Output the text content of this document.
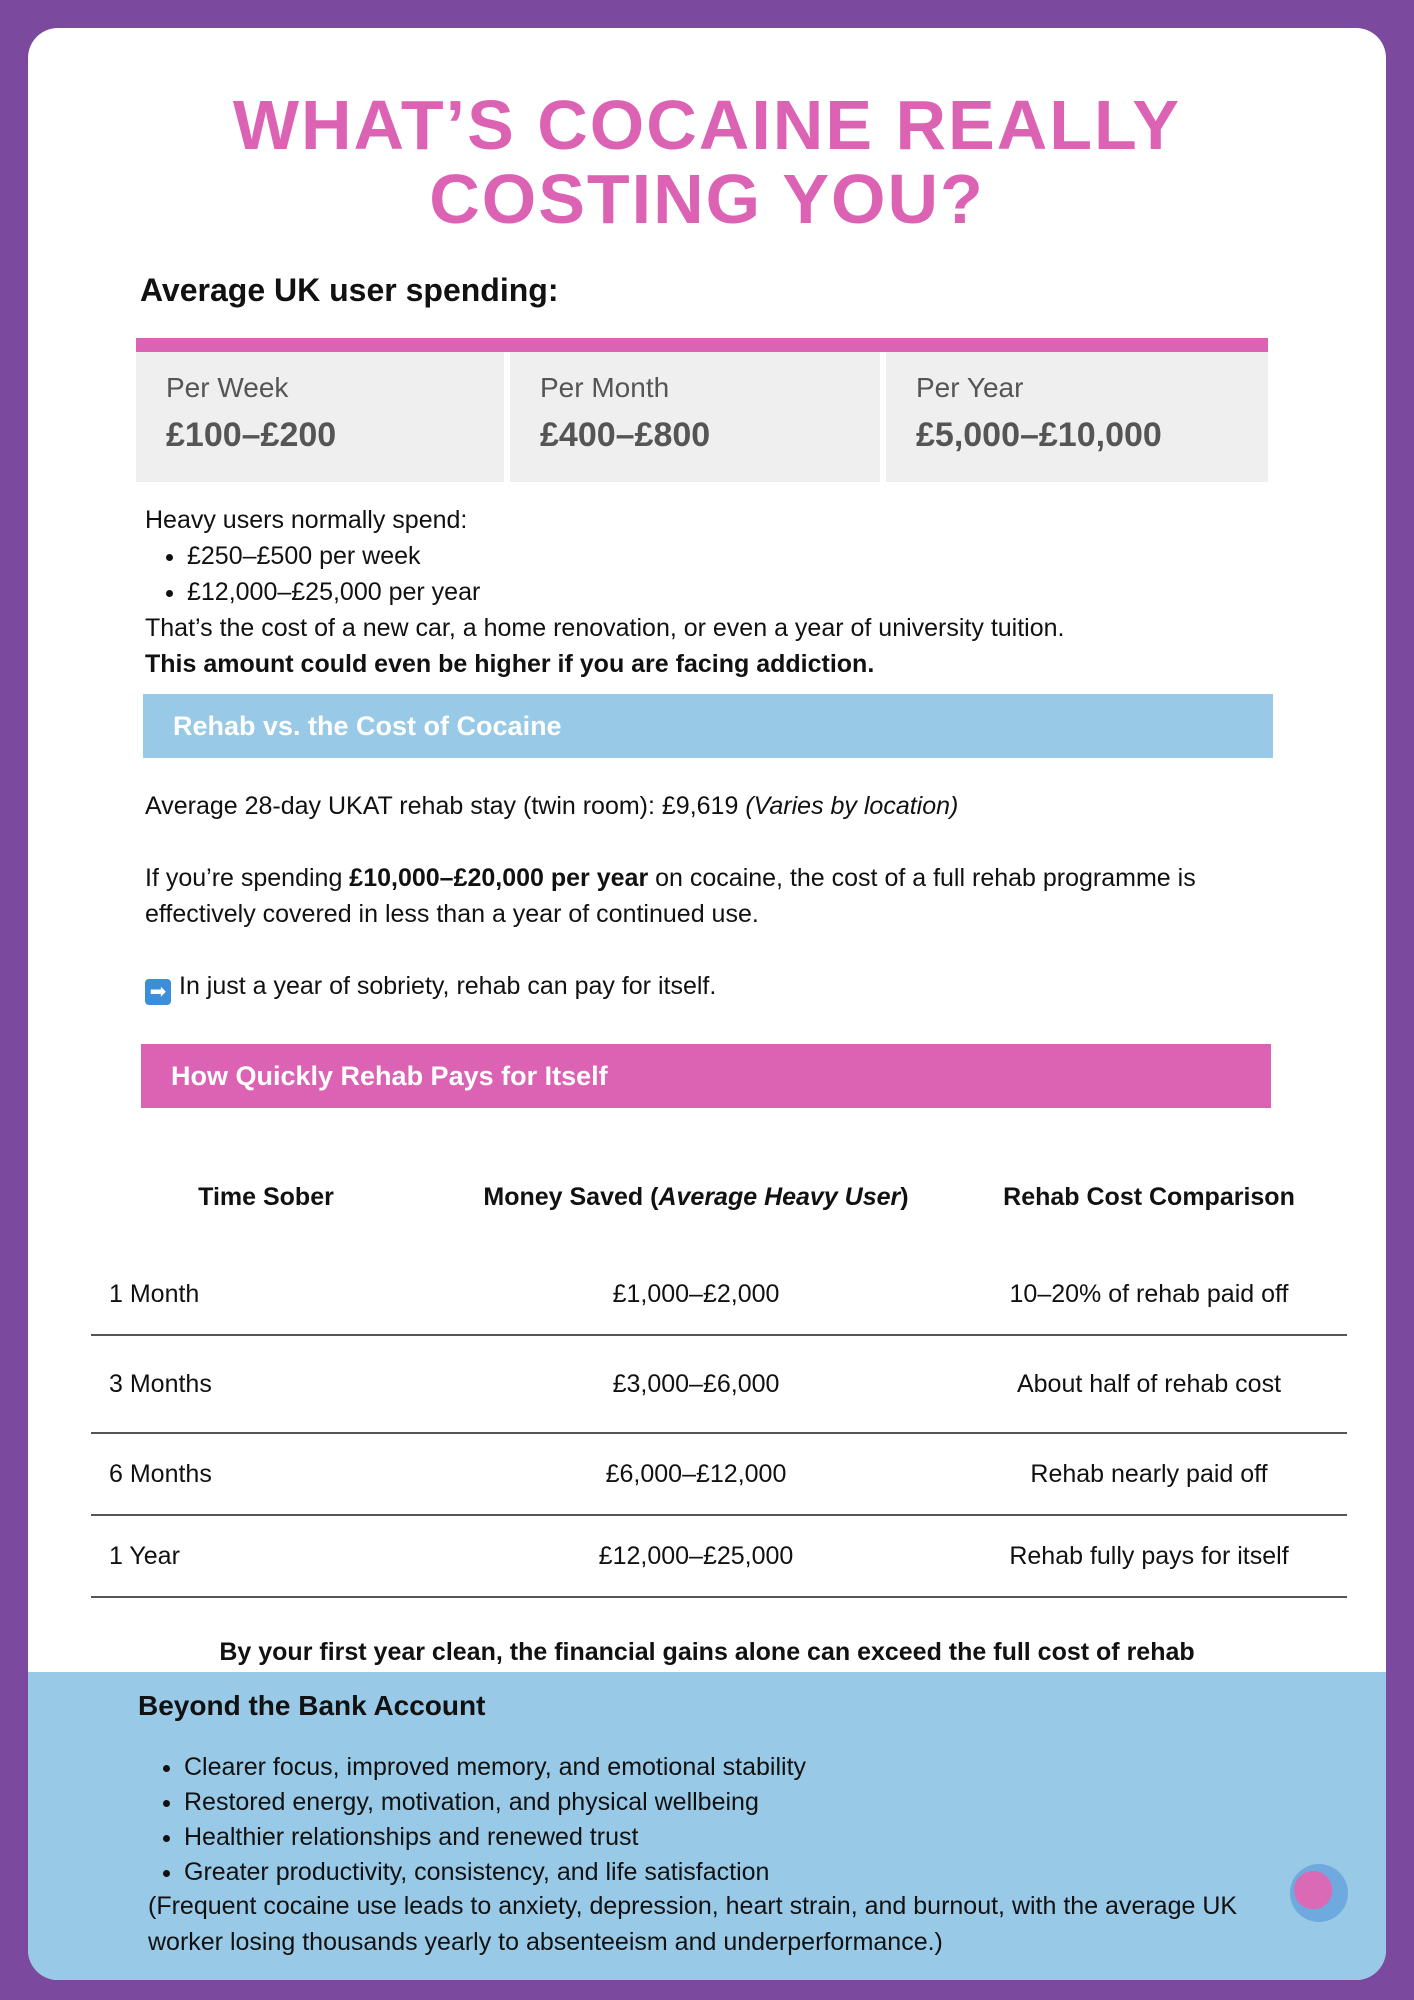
WHAT’S COCAINE REALLY
COSTING YOU?
Average UK user spending:
Per Week
£100–£200
Per Month
£400–£800
Per Year
£5,000–£10,000
Heavy users normally spend:
• £250–£500 per week
• £12,000–£25,000 per year
That’s the cost of a new car, a home renovation, or even a year of university tuition.
This amount could even be higher if you are facing addiction.
Rehab vs. the Cost of Cocaine
Average 28-day UKAT rehab stay (twin room): £9,619 (Varies by location)
If you’re spending £10,000–£20,000 per year on cocaine, the cost of a full rehab programme is effectively covered in less than a year of continued use.
➡ In just a year of sobriety, rehab can pay for itself.
How Quickly Rehab Pays for Itself
Time Sober	Money Saved (Average Heavy User)	Rehab Cost Comparison
1 Month	£1,000–£2,000	10–20% of rehab paid off
3 Months	£3,000–£6,000	About half of rehab cost
6 Months	£6,000–£12,000	Rehab nearly paid off
1 Year	£12,000–£25,000	Rehab fully pays for itself
By your first year clean, the financial gains alone can exceed the full cost of rehab
Beyond the Bank Account
• Clearer focus, improved memory, and emotional stability
• Restored energy, motivation, and physical wellbeing
• Healthier relationships and renewed trust
• Greater productivity, consistency, and life satisfaction
(Frequent cocaine use leads to anxiety, depression, heart strain, and burnout, with the average UK worker losing thousands yearly to absenteeism and underperformance.)
